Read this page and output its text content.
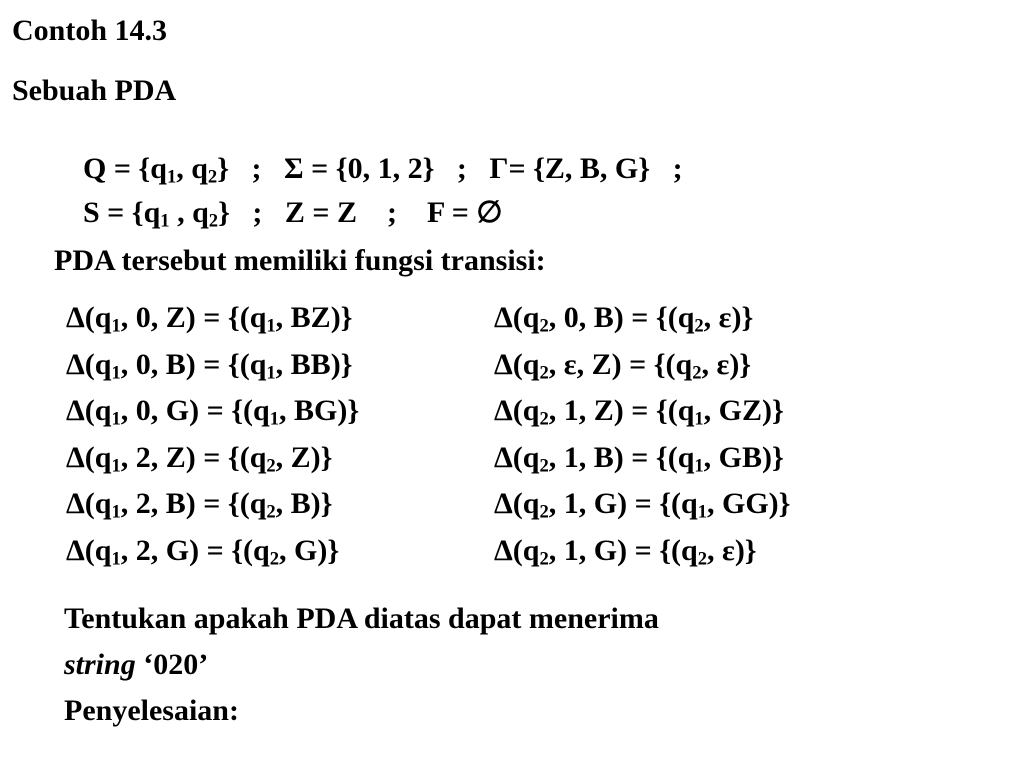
Contoh 14.3
Sebuah PDA

$Q = \{q_1$, $q_2$} ; Σ = {0, 1, 2} ; Γ= {Z, B, G} ;

$S = \{q_1$ , $q_2$} ; Z = Z ; F = ∅

PDA tersebut memiliki fungsi transisi:
$\Delta(q_1$, 0, $Z) = \{(q_1$, BZ)}
$\Delta(q_1$, 0, $B) = \{(q_1$, BB)}
$\Delta(q_1$, 0, $G) = \{(q_1$, BG)}
$\Delta(q_1$, 2, $Z) = \{(q_2$, Z)}
$\Delta(q_1$, 2, $B) = \{(q_2$, B)}
$\Delta(q_1$, 2, $G) = \{(q_2$, G)}
$\Delta(q_2$, 0, $B) = \{(q_2$, ε)}
$\Delta(q_2$, ε, $Z) = \{(q_2$, ε)}
$\Delta(q_2$, 1, $Z) = \{(q_1$, GZ)}
$\Delta(q_2$, 1, $B) = \{(q_1$, GB)}
$\Delta(q_2$, 1, $G) = \{(q_1$, GG)}
$\Delta(q_2$, 1, $G) = \{(q_2$, ε)}
Tentukan apakah PDA diatas dapat menerima
string ‘020’
Penyelesaian:
